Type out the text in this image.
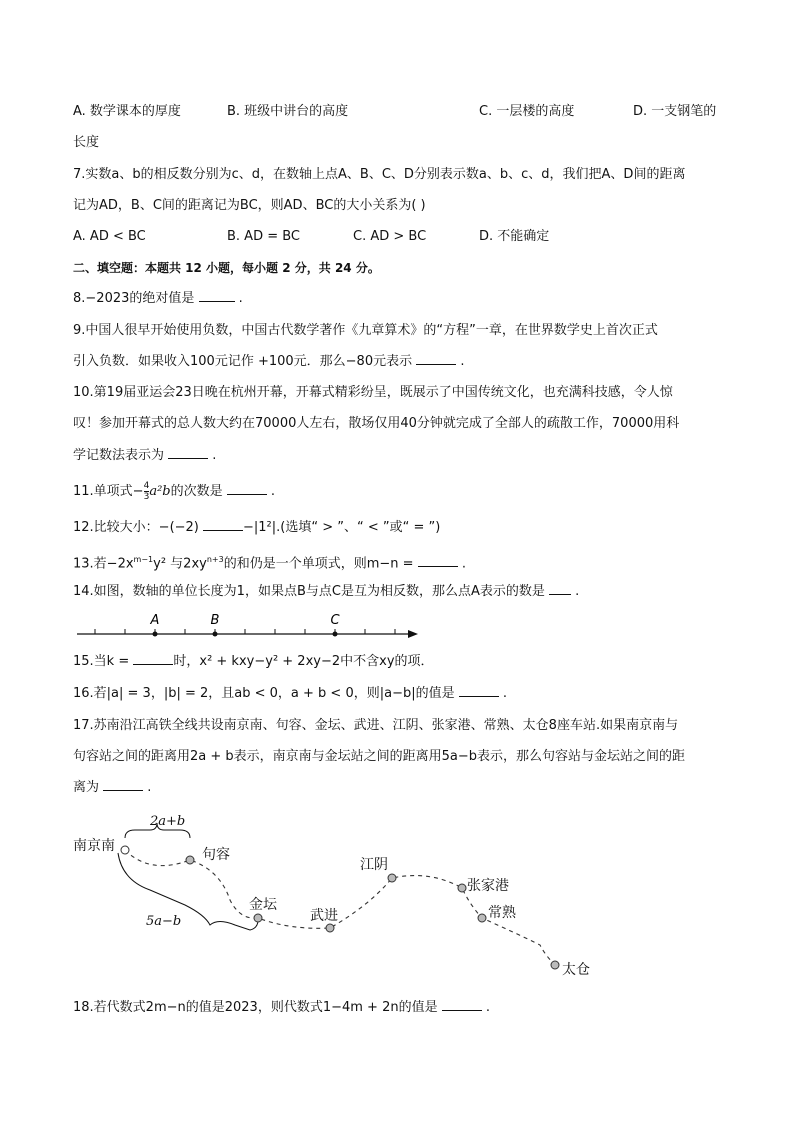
A. 数学课本的厚度	B. 班级中讲台的高度	C. 一层楼的高度	D. 一支钢笔的
长度
7.实数a、b的相反数分别为c、d，在数轴上点A、B、C、D分别表示数a、b、c、d，我们把A、D间的距离
记为AD，B、C间的距离记为BC，则AD、BC的大小关系为( )
A. AD < BC	B. AD = BC	C. AD > BC	D. 不能确定
二、填空题：本题共 12 小题，每小题 2 分，共 24 分。
8.−2023的绝对值是	.
9.中国人很早开始使用负数，中国古代数学著作《九章算术》的“方程”一章，在世界数学史上首次正式
引入负数．如果收入100元记作 +100元．那么−80元表示	.
10.第19届亚运会23日晚在杭州开幕，开幕式精彩纷呈，既展示了中国传统文化，也充满科技感，令人惊
叹！参加开幕式的总人数大约在70000人左右，散场仅用40分钟就完成了全部人的疏散工作，70000用科
学记数法表示为	.
11.单项式− $\frac{4}{3} a^2b$的次数是	.
12.比较大小：−(−2)	−|1²|.(选填“ > ”、“ < ”或“ = ”)
13.若$-2x^{m-1}y^2$ 与$2xy^{n+3}$的和仍是一个单项式，则m−n =	.
14.如图，数轴的单位长度为1，如果点B与点C是互为相反数，那么点A表示的数是 .
A	B	C
南京南
句容
金坛
武进
江阴
张家港
常熟
太仓
2a+b
5a−b
15.当k =	时，x² + kxy−y² + 2xy−2中不含xy的项．
16.若|a| = 3，|b| = 2，且ab < 0，a + b < 0，则|a−b|的值是	.
17.苏南沿江高铁全线共设南京南、句容、金坛、武进、江阴、张家港、常熟、太仓8座车站.如果南京南与
句容站之间的距离用2a + b表示，南京南与金坛站之间的距离用5a−b表示，那么句容站与金坛站之间的距
离为	.
18.若代数式2m−n的值是2023，则代数式1−4m + 2n的值是	.
